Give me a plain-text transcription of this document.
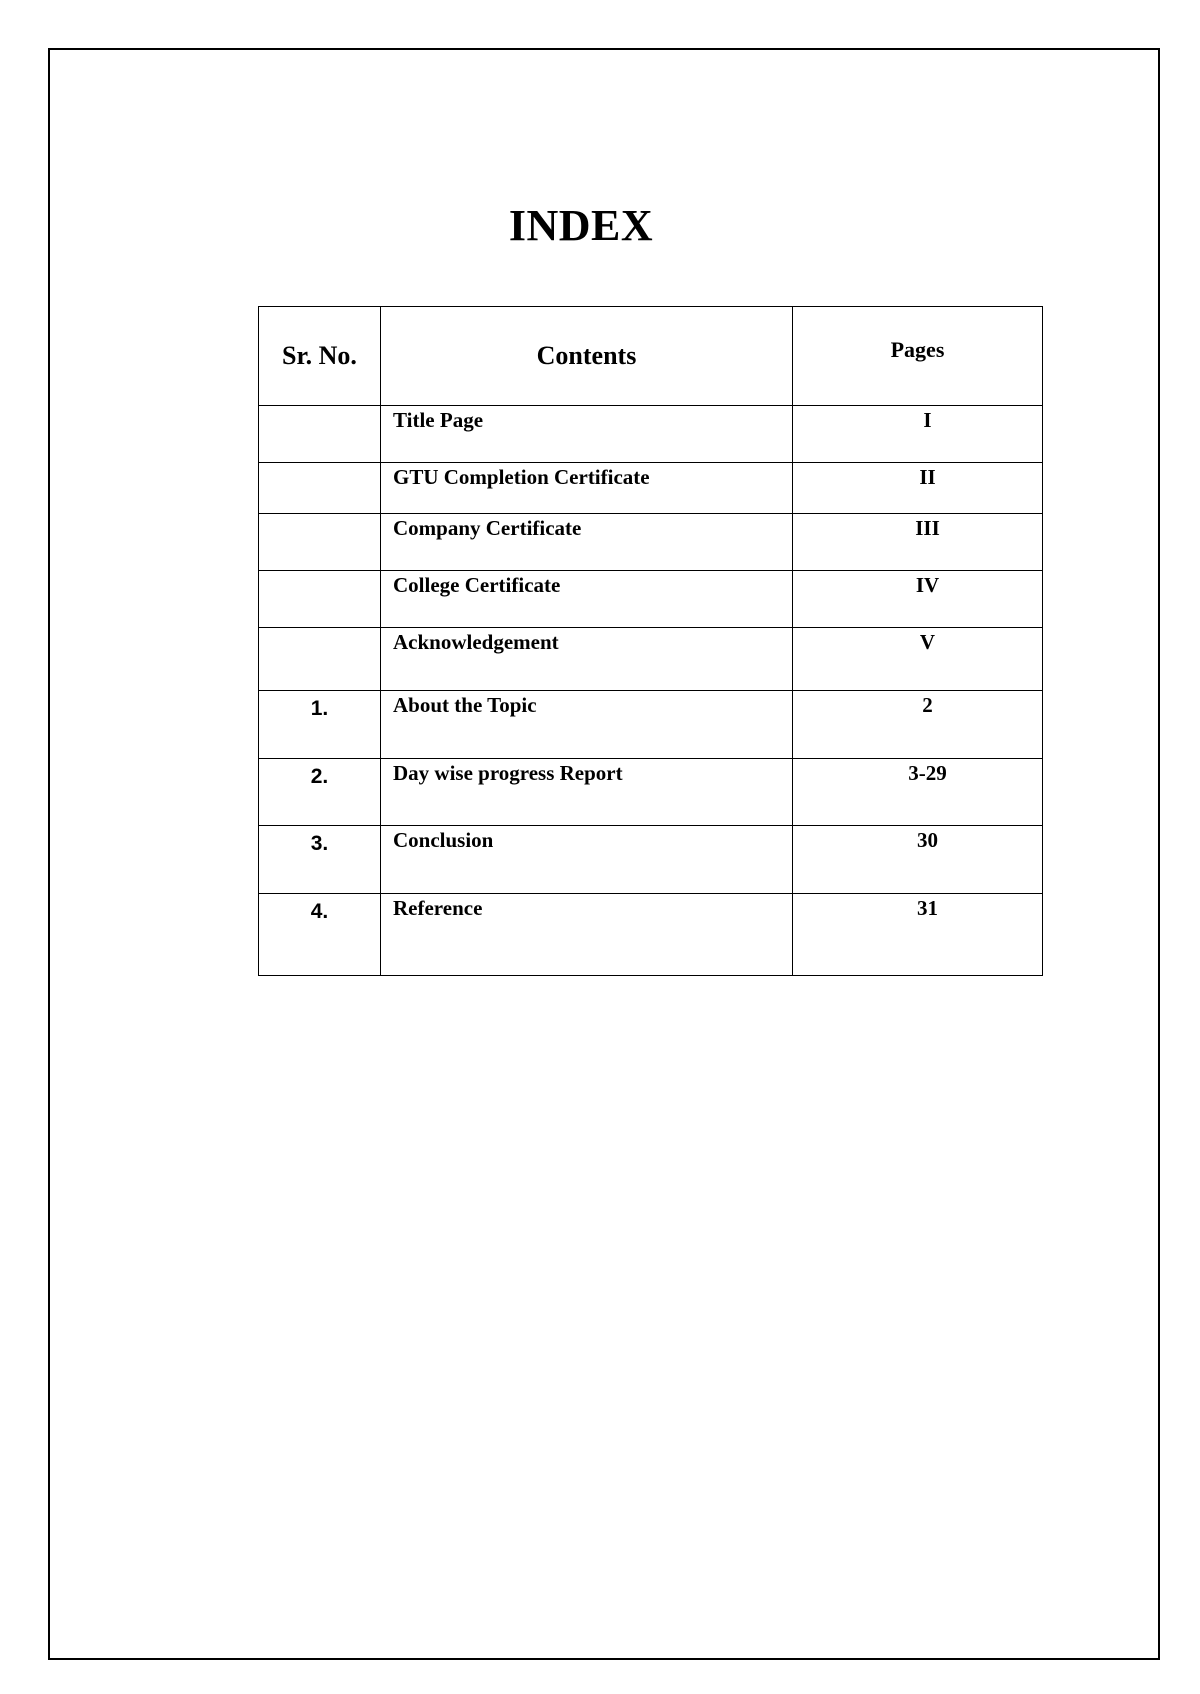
INDEX
Sr. No.	Contents	Pages

	Title Page	I

	GTU Completion Certificate	II

	Company Certificate	III

	College Certificate	IV

	Acknowledgement	V

1.	About the Topic	2

2.	Day wise progress Report	3-29

3.	Conclusion	30

4.	Reference	31
